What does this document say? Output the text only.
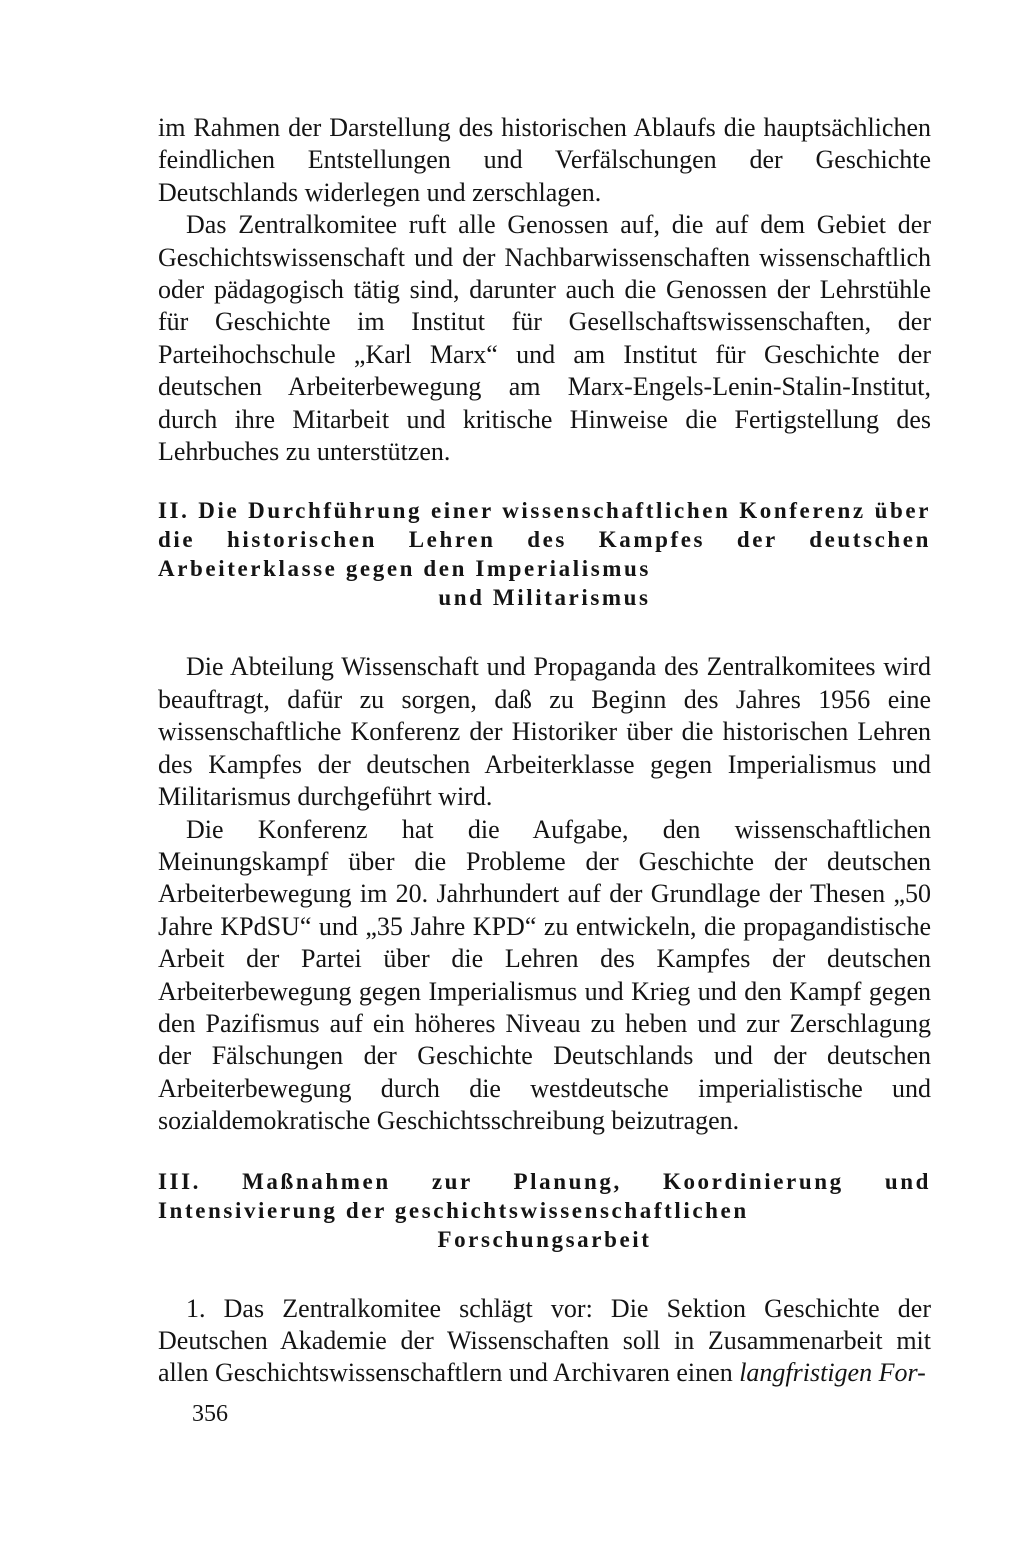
im Rahmen der Darstellung des historischen Ablaufs die hauptsächlichen feindlichen Entstellungen und Verfälschungen der Geschichte Deutschlands widerlegen und zerschlagen.

Das Zentralkomitee ruft alle Genossen auf, die auf dem Gebiet der Geschichtswissenschaft und der Nachbarwissenschaften wissenschaftlich oder pädagogisch tätig sind, darunter auch die Genossen der Lehrstühle für Geschichte im Institut für Gesellschaftswissenschaften, der Parteihochschule „Karl Marx“ und am Institut für Geschichte der deutschen Arbeiterbewegung am Marx-Engels-Lenin-Stalin-Institut, durch ihre Mitarbeit und kritische Hinweise die Fertigstellung des Lehrbuches zu unterstützen.

II. Die Durchführung einer wissenschaftlichen Konferenz über die historischen Lehren des Kampfes der deutschen Arbeiterklasse gegen den Imperialismus
und Militarismus

Die Abteilung Wissenschaft und Propaganda des Zentralkomitees wird beauftragt, dafür zu sorgen, daß zu Beginn des Jahres 1956 eine wissenschaftliche Konferenz der Historiker über die historischen Lehren des Kampfes der deutschen Arbeiterklasse gegen Imperialismus und Militarismus durchgeführt wird.

Die Konferenz hat die Aufgabe, den wissenschaftlichen Meinungskampf über die Probleme der Geschichte der deutschen Arbeiterbewegung im 20. Jahrhundert auf der Grundlage der Thesen „50 Jahre KPdSU“ und „35 Jahre KPD“ zu entwickeln, die propagandistische Arbeit der Partei über die Lehren des Kampfes der deutschen Arbeiterbewegung gegen Imperialismus und Krieg und den Kampf gegen den Pazifismus auf ein höheres Niveau zu heben und zur Zerschlagung der Fälschungen der Geschichte Deutschlands und der deutschen Arbeiterbewegung durch die westdeutsche imperialistische und sozialdemokratische Geschichtsschreibung beizutragen.

III. Maßnahmen zur Planung, Koordinierung und Intensivierung der geschichtswissenschaftlichen
Forschungsarbeit

1. Das Zentralkomitee schlägt vor: Die Sektion Geschichte der Deutschen Akademie der Wissenschaften soll in Zusammenarbeit mit allen Geschichtswissenschaftlern und Archivaren einen langfristigen For-

356
